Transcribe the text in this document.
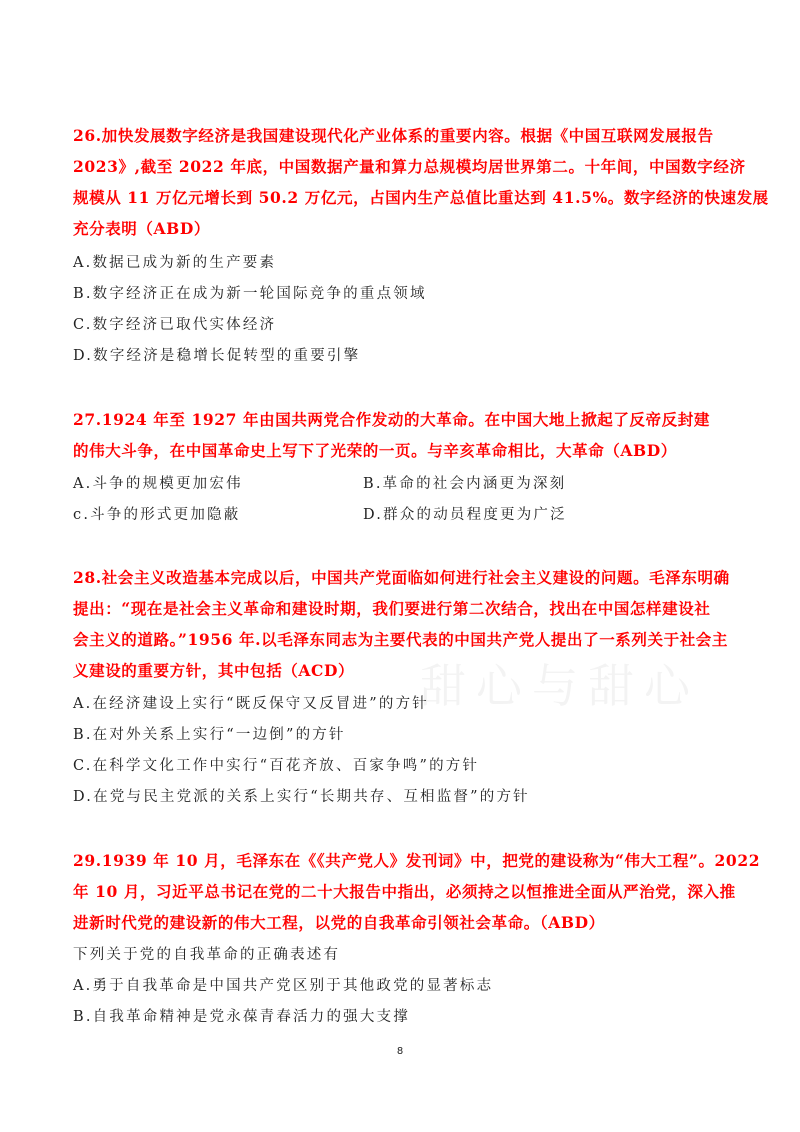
甜心与甜心
26.加快发展数字经济是我国建设现代化产业体系的重要内容。根据《中国互联网发展报告
2023》,截至 2022 年底，中国数据产量和算力总规模均居世界第二。十年间，中国数字经济
规模从 11 万亿元增长到 50.2 万亿元，占国内生产总值比重达到 41.5%。数字经济的快速发展
充分表明（ABD）
A.数据已成为新的生产要素
B.数字经济正在成为新一轮国际竞争的重点领域
C.数字经济已取代实体经济
D.数字经济是稳增长促转型的重要引擎
27.1924 年至 1927 年由国共两党合作发动的大革命。在中国大地上掀起了反帝反封建
的伟大斗争，在中国革命史上写下了光荣的一页。与辛亥革命相比，大革命（ABD）
A.斗争的规模更加宏伟	B.革命的社会内涵更为深刻
c.斗争的形式更加隐蔽	D.群众的动员程度更为广泛
28.社会主义改造基本完成以后，中国共产党面临如何进行社会主义建设的问题。毛泽东明确
提出：“现在是社会主义革命和建设时期，我们要进行第二次结合，找出在中国怎样建设社
会主义的道路。”1956 年.以毛泽东同志为主要代表的中国共产党人提出了一系列关于社会主
义建设的重要方针，其中包括（ACD）
A.在经济建设上实行“既反保守又反冒进”的方针
B.在对外关系上实行“一边倒”的方针
C.在科学文化工作中实行“百花齐放、百家争鸣”的方针
D.在党与民主党派的关系上实行“长期共存、互相监督”的方针
29.1939 年 10 月，毛泽东在《《共产党人》发刊词》中，把党的建设称为“伟大工程”。2022
年 10 月，习近平总书记在党的二十大报告中指出，必须持之以恒推进全面从严治党，深入推
进新时代党的建设新的伟大工程，以党的自我革命引领社会革命。（ABD）
下列关于党的自我革命的正确表述有
A.勇于自我革命是中国共产党区别于其他政党的显著标志
B.自我革命精神是党永葆青春活力的强大支撑
8
